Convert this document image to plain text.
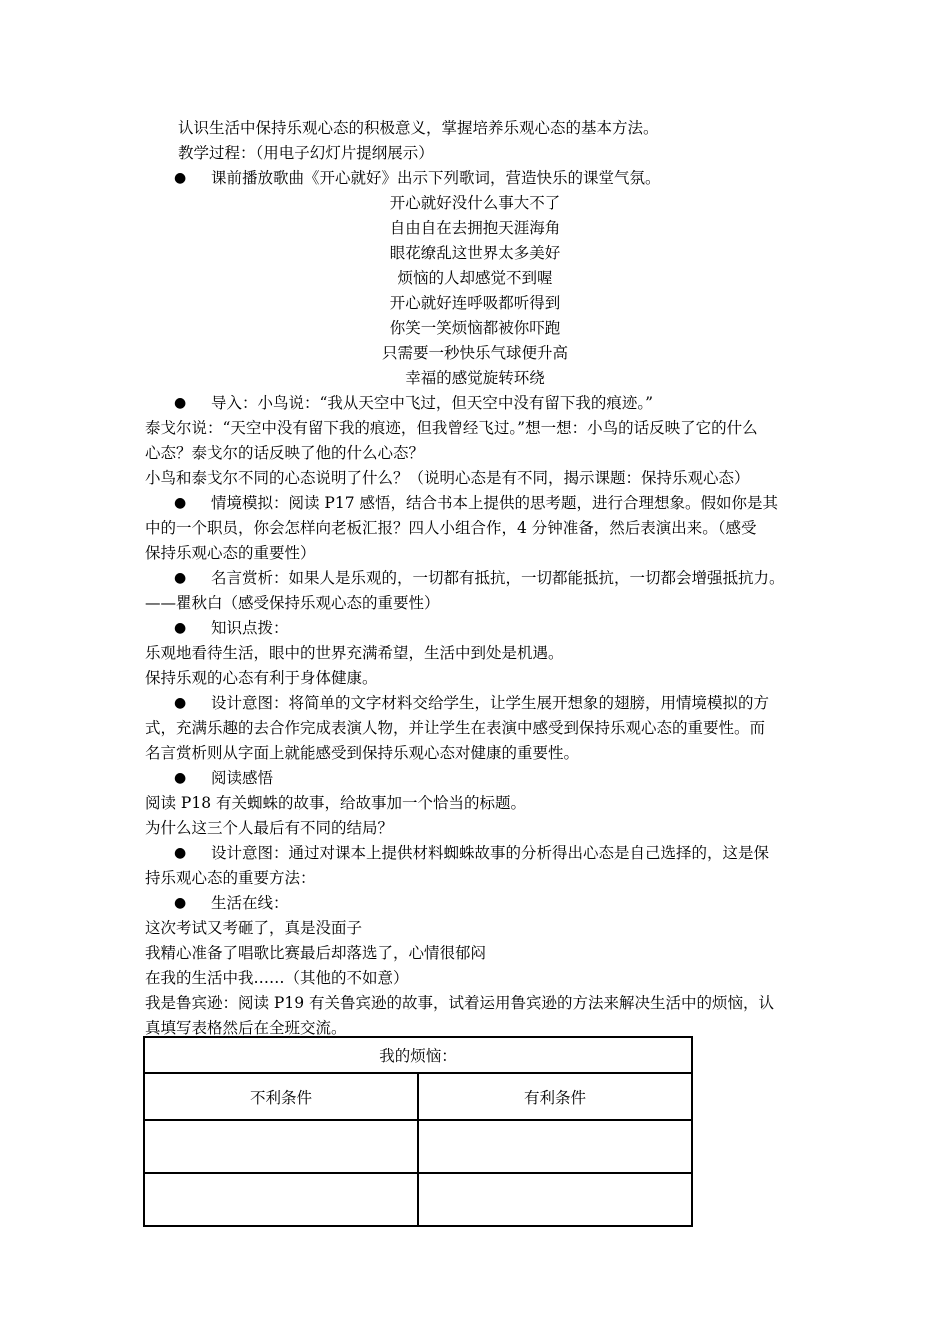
认识生活中保持乐观心态的积极意义，掌握培养乐观心态的基本方法。
教学过程：（用电子幻灯片提纲展示）
● 课前播放歌曲《开心就好》出示下列歌词，营造快乐的课堂气氛。
开心就好没什么事大不了
自由自在去拥抱天涯海角
眼花缭乱这世界太多美好
烦恼的人却感觉不到喔
开心就好连呼吸都听得到
你笑一笑烦恼都被你吓跑
只需要一秒快乐气球便升高
幸福的感觉旋转环绕
● 导入：小鸟说：“我从天空中飞过，但天空中没有留下我的痕迹。”
泰戈尔说：“天空中没有留下我的痕迹，但我曾经飞过。”想一想：小鸟的话反映了它的什么
心态？泰戈尔的话反映了他的什么心态？
小鸟和泰戈尔不同的心态说明了什么？（说明心态是有不同，揭示课题：保持乐观心态）
● 情境模拟：阅读 P17 感悟，结合书本上提供的思考题，进行合理想象。假如你是其
中的一个职员，你会怎样向老板汇报？四人小组合作，4 分钟准备，然后表演出来。（感受
保持乐观心态的重要性）
● 名言赏析：如果人是乐观的，一切都有抵抗，一切都能抵抗，一切都会增强抵抗力。
——瞿秋白（感受保持乐观心态的重要性）
● 知识点拨：
乐观地看待生活，眼中的世界充满希望，生活中到处是机遇。
保持乐观的心态有利于身体健康。
● 设计意图：将简单的文字材料交给学生，让学生展开想象的翅膀，用情境模拟的方
式，充满乐趣的去合作完成表演人物，并让学生在表演中感受到保持乐观心态的重要性。而
名言赏析则从字面上就能感受到保持乐观心态对健康的重要性。
● 阅读感悟
阅读 P18 有关蜘蛛的故事，给故事加一个恰当的标题。
为什么这三个人最后有不同的结局？
● 设计意图：通过对课本上提供材料蜘蛛故事的分析得出心态是自己选择的，这是保
持乐观心态的重要方法：
● 生活在线：
这次考试又考砸了，真是没面子
我精心准备了唱歌比赛最后却落选了，心情很郁闷
在我的生活中我……（其他的不如意）
我是鲁宾逊：阅读 P19 有关鲁宾逊的故事，试着运用鲁宾逊的方法来解决生活中的烦恼，认
真填写表格然后在全班交流。
我的烦恼：	
不利条件	有利条件
